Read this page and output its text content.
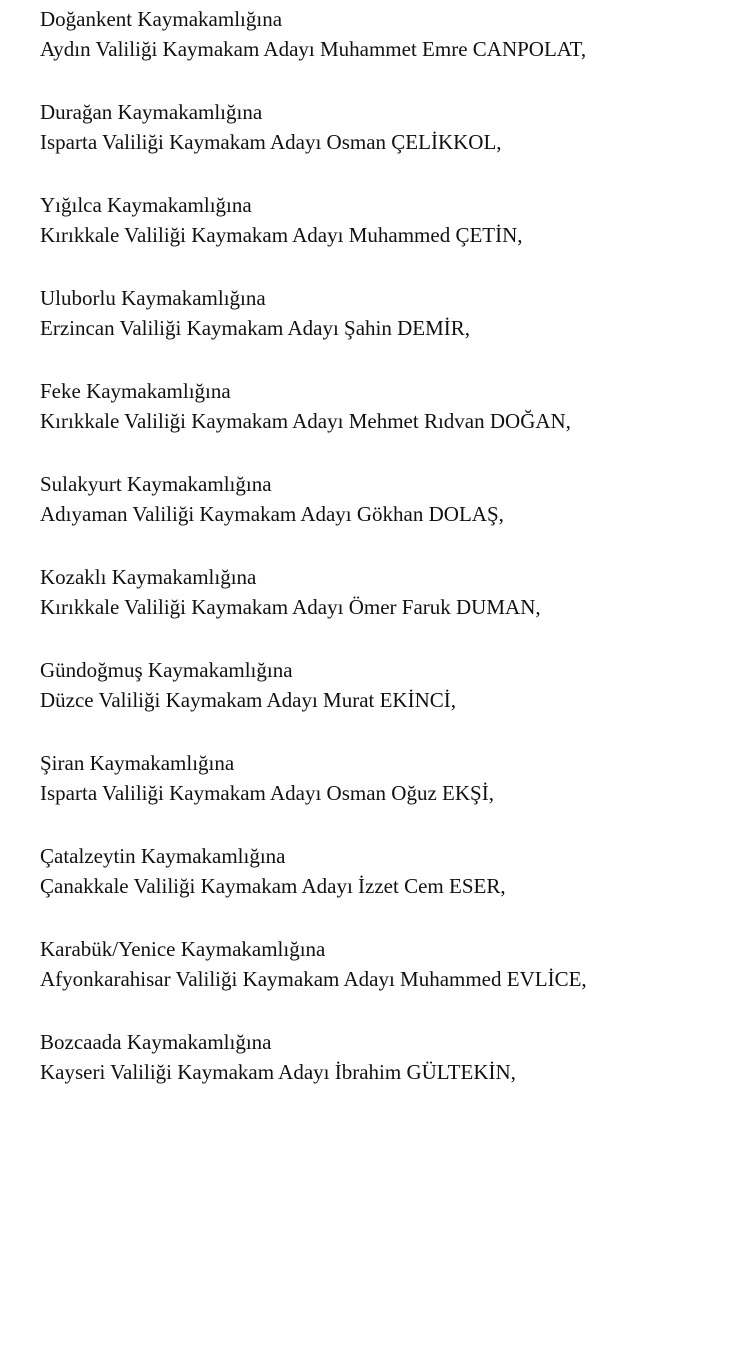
Doğankent Kaymakamlığına
Aydın Valiliği Kaymakam Adayı Muhammet Emre CANPOLAT,
Durağan Kaymakamlığına
Isparta Valiliği Kaymakam Adayı Osman ÇELİKKOL,
Yığılca Kaymakamlığına
Kırıkkale Valiliği Kaymakam Adayı Muhammed ÇETİN,
Uluborlu Kaymakamlığına
Erzincan Valiliği Kaymakam Adayı Şahin DEMİR,
Feke Kaymakamlığına
Kırıkkale Valiliği Kaymakam Adayı Mehmet Rıdvan DOĞAN,
Sulakyurt Kaymakamlığına
Adıyaman Valiliği Kaymakam Adayı Gökhan DOLAŞ,
Kozaklı Kaymakamlığına
Kırıkkale Valiliği Kaymakam Adayı Ömer Faruk DUMAN,
Gündoğmuş Kaymakamlığına
Düzce Valiliği Kaymakam Adayı Murat EKİNCİ,
Şiran Kaymakamlığına
Isparta Valiliği Kaymakam Adayı Osman Oğuz EKŞİ,
Çatalzeytin Kaymakamlığına
Çanakkale Valiliği Kaymakam Adayı İzzet Cem ESER,
Karabük/Yenice Kaymakamlığına
Afyonkarahisar Valiliği Kaymakam Adayı Muhammed EVLİCE,
Bozcaada Kaymakamlığına
Kayseri Valiliği Kaymakam Adayı İbrahim GÜLTEKİN,
